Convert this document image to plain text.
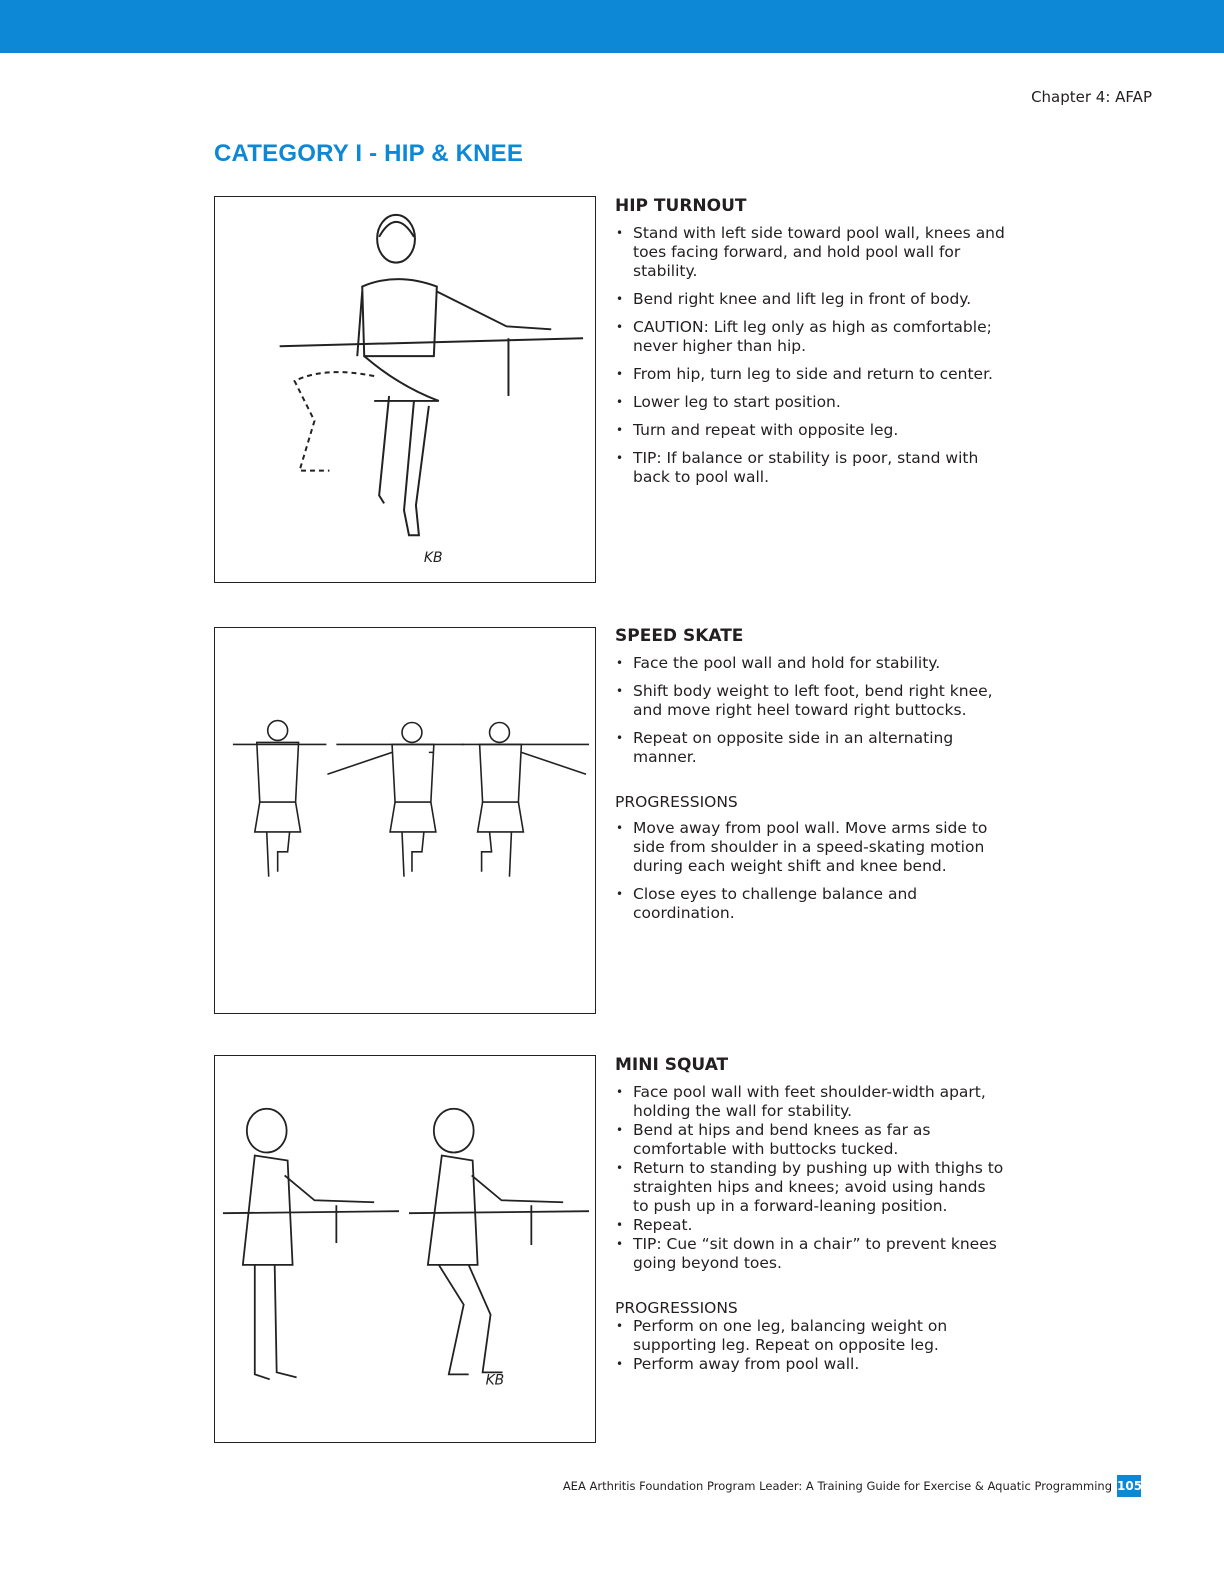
Chapter 4: AFAP
CATEGORY I - HIP & KNEE
KB
KB
HIP TURNOUT
• Stand with left side toward pool wall, knees and toes facing forward, and hold pool wall for stability.
• Bend right knee and lift leg in front of body.
• CAUTION: Lift leg only as high as comfortable; never higher than hip.
• From hip, turn leg to side and return to center.
• Lower leg to start position.
• Turn and repeat with opposite leg.
• TIP: If balance or stability is poor, stand with back to pool wall.
SPEED SKATE
• Face the pool wall and hold for stability.
• Shift body weight to left foot, bend right knee, and move right heel toward right buttocks.
• Repeat on opposite side in an alternating manner.
PROGRESSIONS
• Move away from pool wall. Move arms side to side from shoulder in a speed-skating motion during each weight shift and knee bend.
• Close eyes to challenge balance and coordination.
MINI SQUAT
• Face pool wall with feet shoulder-width apart, holding the wall for stability.
• Bend at hips and bend knees as far as comfortable with buttocks tucked.
• Return to standing by pushing up with thighs to straighten hips and knees; avoid using hands to push up in a forward-leaning position.
• Repeat.
• TIP: Cue “sit down in a chair” to prevent knees going beyond toes.
PROGRESSIONS
• Perform on one leg, balancing weight on supporting leg. Repeat on opposite leg.
• Perform away from pool wall.
AEA Arthritis Foundation Program Leader: A Training Guide for Exercise & Aquatic Programming 105
